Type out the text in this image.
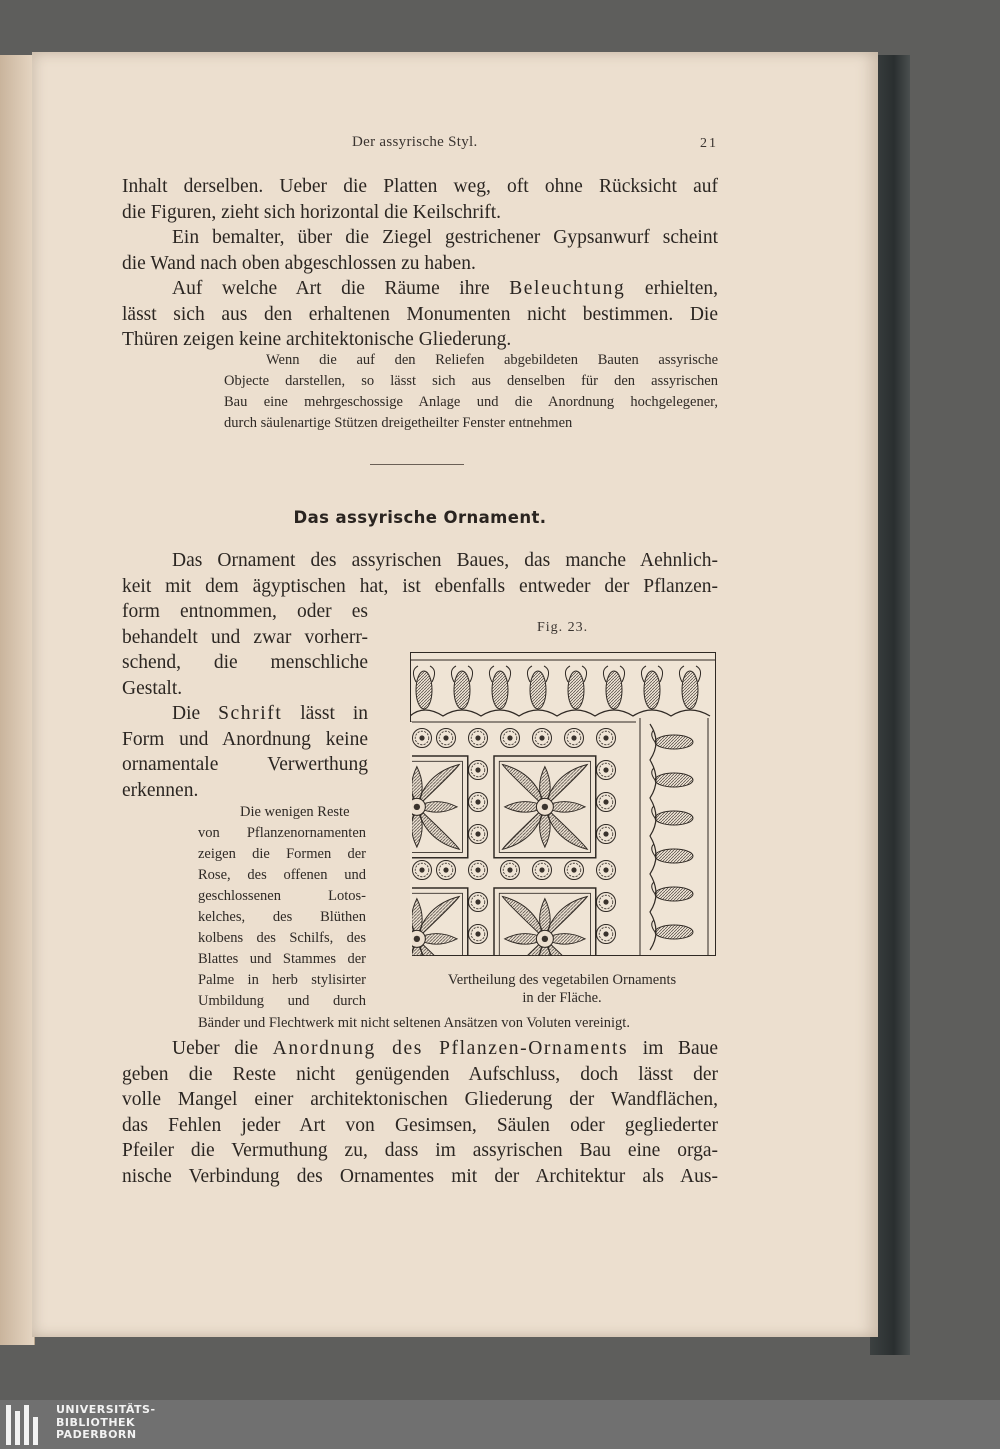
Der assyrische Styl.	21

Inhalt derselben. Ueber die Platten weg, oft ohne Rücksicht auf
die Figuren, zieht sich horizontal die Keilschrift.

Ein bemalter, über die Ziegel gestrichener Gypsanwurf scheint
die Wand nach oben abgeschlossen zu haben.

Auf welche Art die Räume ihre Beleuchtung erhielten,
lässt sich aus den erhaltenen Monumenten nicht bestimmen. Die
Thüren zeigen keine architektonische Gliederung.

Wenn die auf den Reliefen abgebildeten Bauten assyrische
Objecte darstellen, so lässt sich aus denselben für den assyrischen
Bau eine mehrgeschossige Anlage und die Anordnung hochgelegener,
durch säulenartige Stützen dreigetheilter Fenster entnehmen

Das assyrische Ornament.

Das Ornament des assyrischen Baues, das manche Aehnlich-
keit mit dem ägyptischen hat, ist ebenfalls entweder der Pflanzen-

form entnommen, oder es
behandelt und zwar vorherr-
schend, die menschliche
Gestalt.

Die Schrift lässt in
Form und Anordnung keine
ornamentale Verwerthung
erkennen.

Die wenigen Reste
von Pflanzenornamenten
zeigen die Formen der
Rose, des offenen und
geschlossenen Lotos-
kelches, des Blüthen
kolbens des Schilfs, des
Blattes und Stammes der
Palme in herb stylisirter
Umbildung und durch

Bänder und Flechtwerk mit nicht seltenen Ansätzen von Voluten vereinigt.

Ueber die Anordnung des Pflanzen-Ornaments im Baue
geben die Reste nicht genügenden Aufschluss, doch lässt der
volle Mangel einer architektonischen Gliederung der Wandflächen,
das Fehlen jeder Art von Gesimsen, Säulen oder gegliederter
Pfeiler die Vermuthung zu, dass im assyrischen Bau eine orga-
nische Verbindung des Ornamentes mit der Architektur als Aus-

Fig. 23.
Vertheilung des vegetabilen Ornaments
in der Fläche.
UNIVERSITÄTS-
BIBLIOTHEK
PADERBORN
